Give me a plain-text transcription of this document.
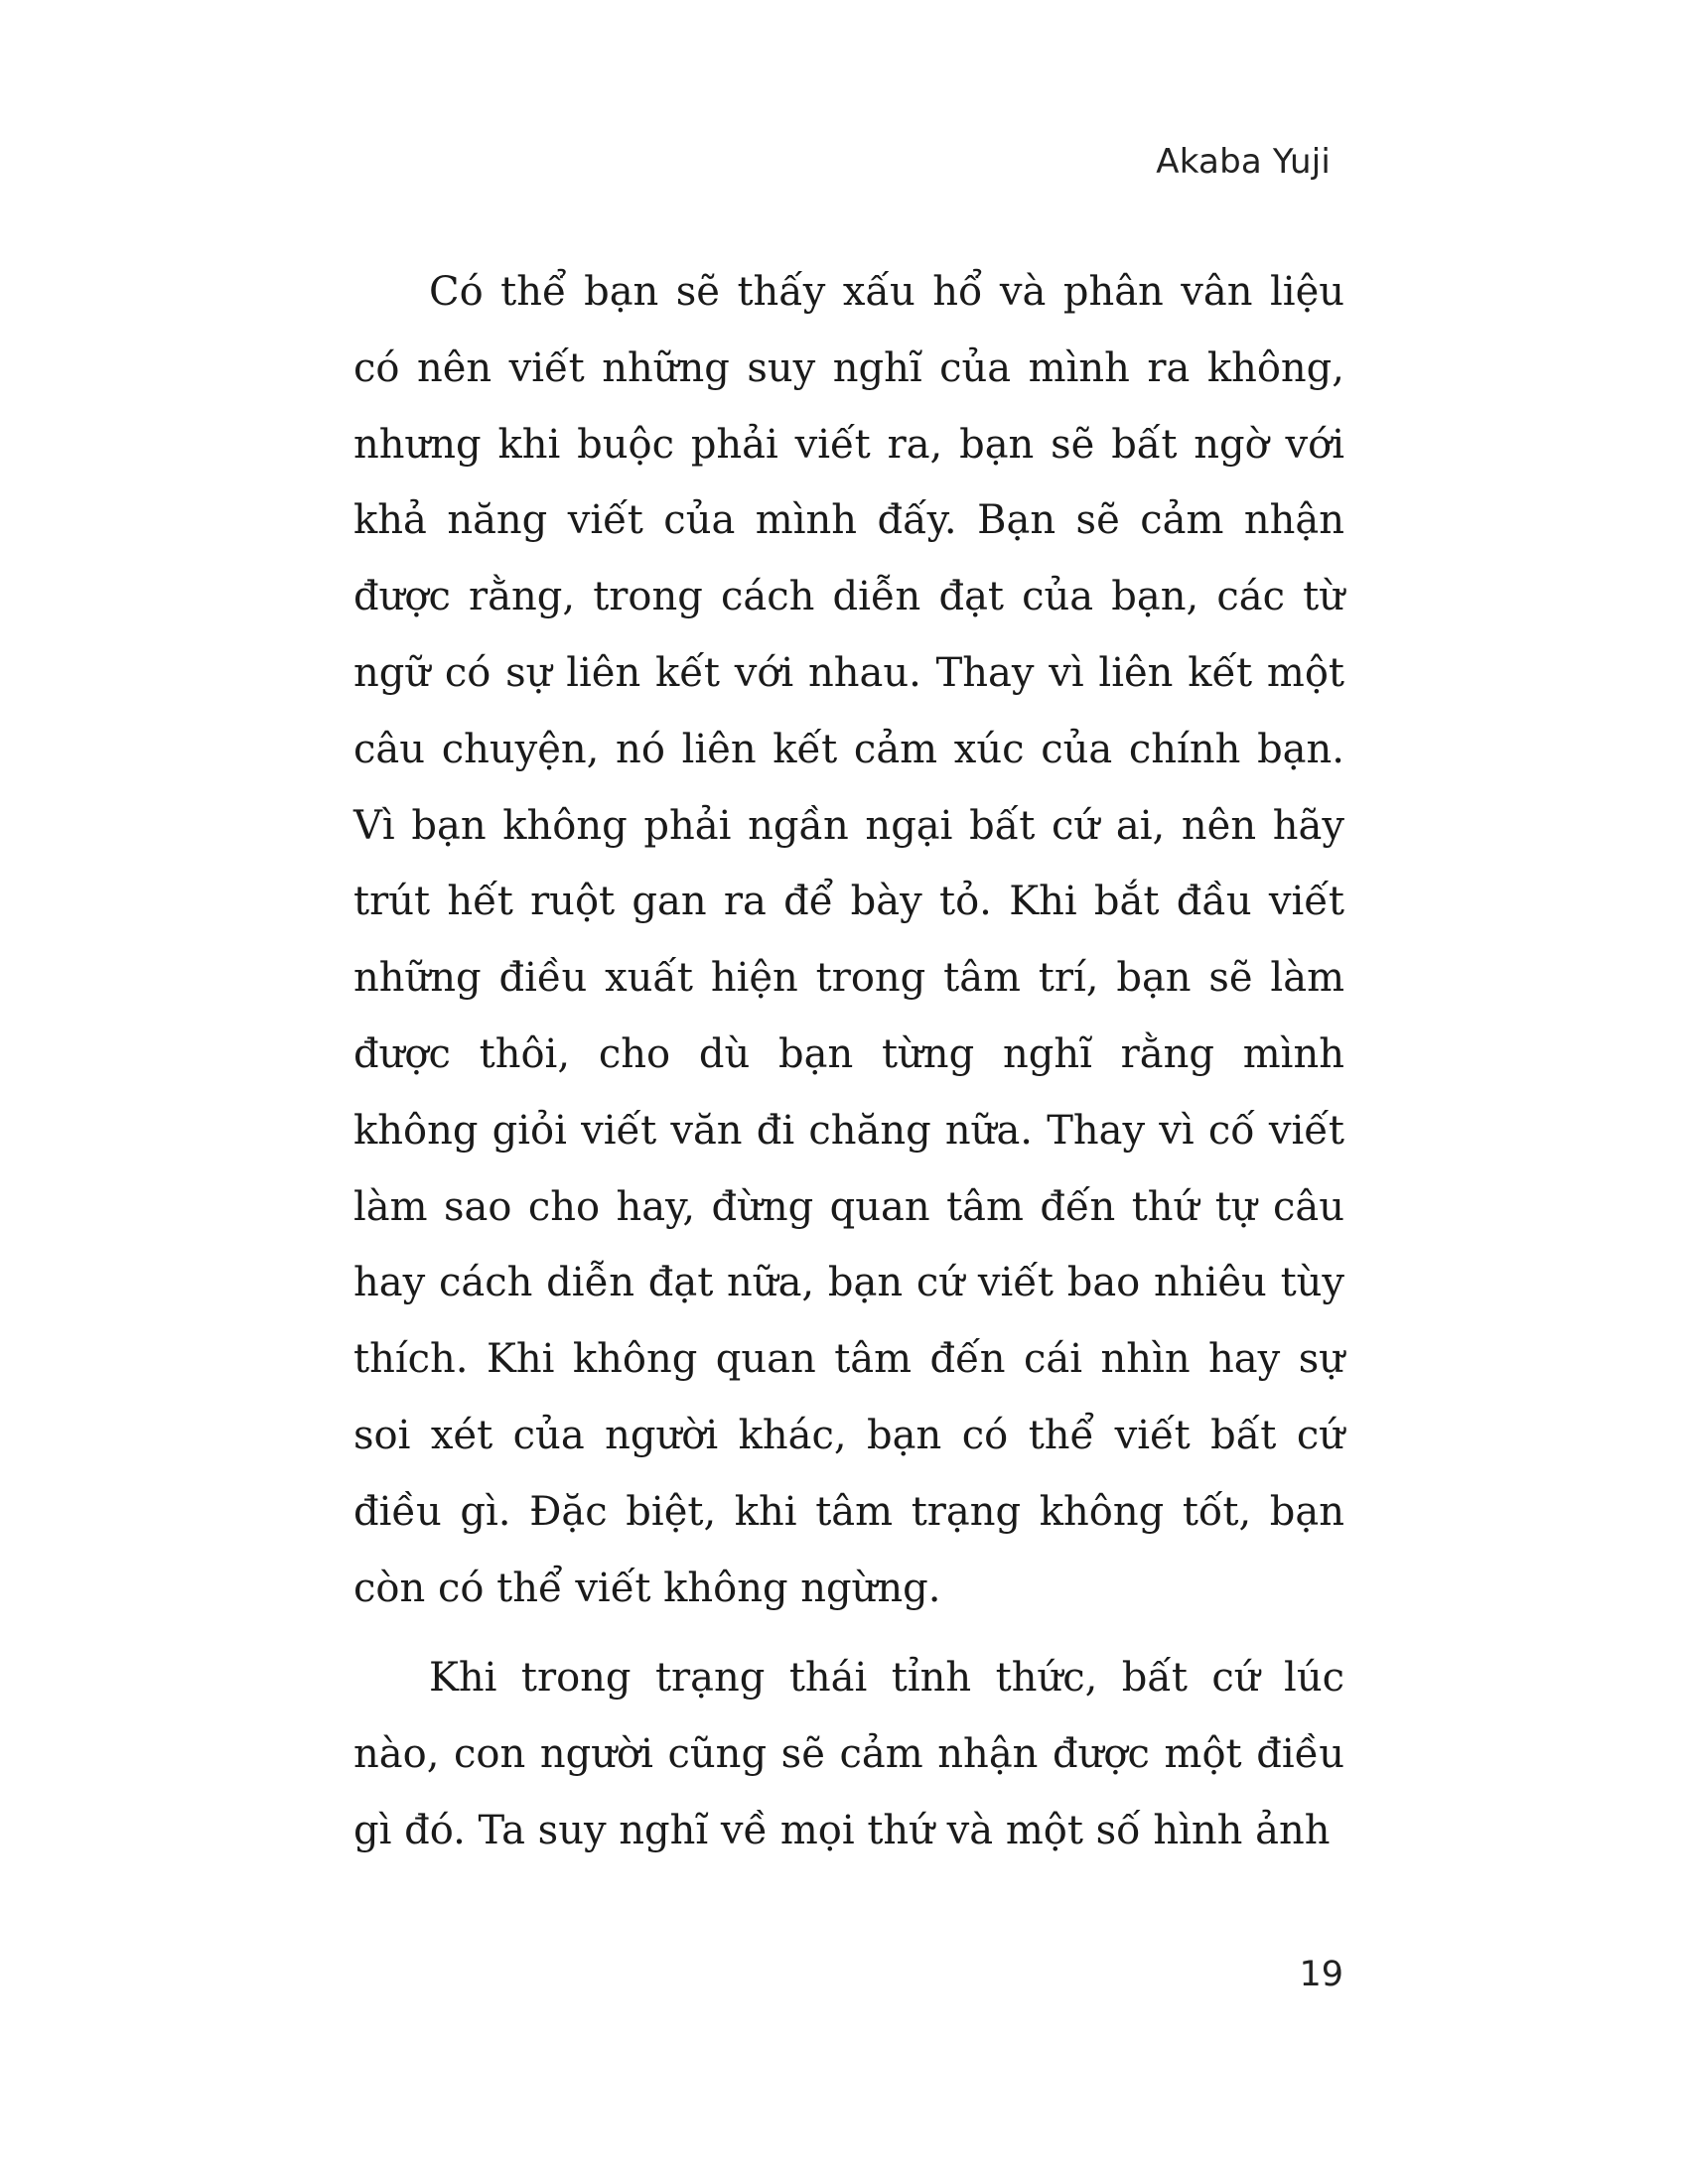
Akaba Yuji

Có thể bạn sẽ thấy xấu hổ và phân vân liệu có nên viết những suy nghĩ của mình ra không, nhưng khi buộc phải viết ra, bạn sẽ bất ngờ với khả năng viết của mình đấy. Bạn sẽ cảm nhận được rằng, trong cách diễn đạt của bạn, các từ ngữ có sự liên kết với nhau. Thay vì liên kết một câu chuyện, nó liên kết cảm xúc của chính bạn. Vì bạn không phải ngần ngại bất cứ ai, nên hãy trút hết ruột gan ra để bày tỏ. Khi bắt đầu viết những điều xuất hiện trong tâm trí, bạn sẽ làm được thôi, cho dù bạn từng nghĩ rằng mình không giỏi viết văn đi chăng nữa. Thay vì cố viết làm sao cho hay, đừng quan tâm đến thứ tự câu hay cách diễn đạt nữa, bạn cứ viết bao nhiêu tùy thích. Khi không quan tâm đến cái nhìn hay sự soi xét của người khác, bạn có thể viết bất cứ điều gì. Đặc biệt, khi tâm trạng không tốt, bạn còn có thể viết không ngừng.

Khi trong trạng thái tỉnh thức, bất cứ lúc nào, con người cũng sẽ cảm nhận được một điều gì đó. Ta suy nghĩ về mọi thứ và một số hình ảnh

19
